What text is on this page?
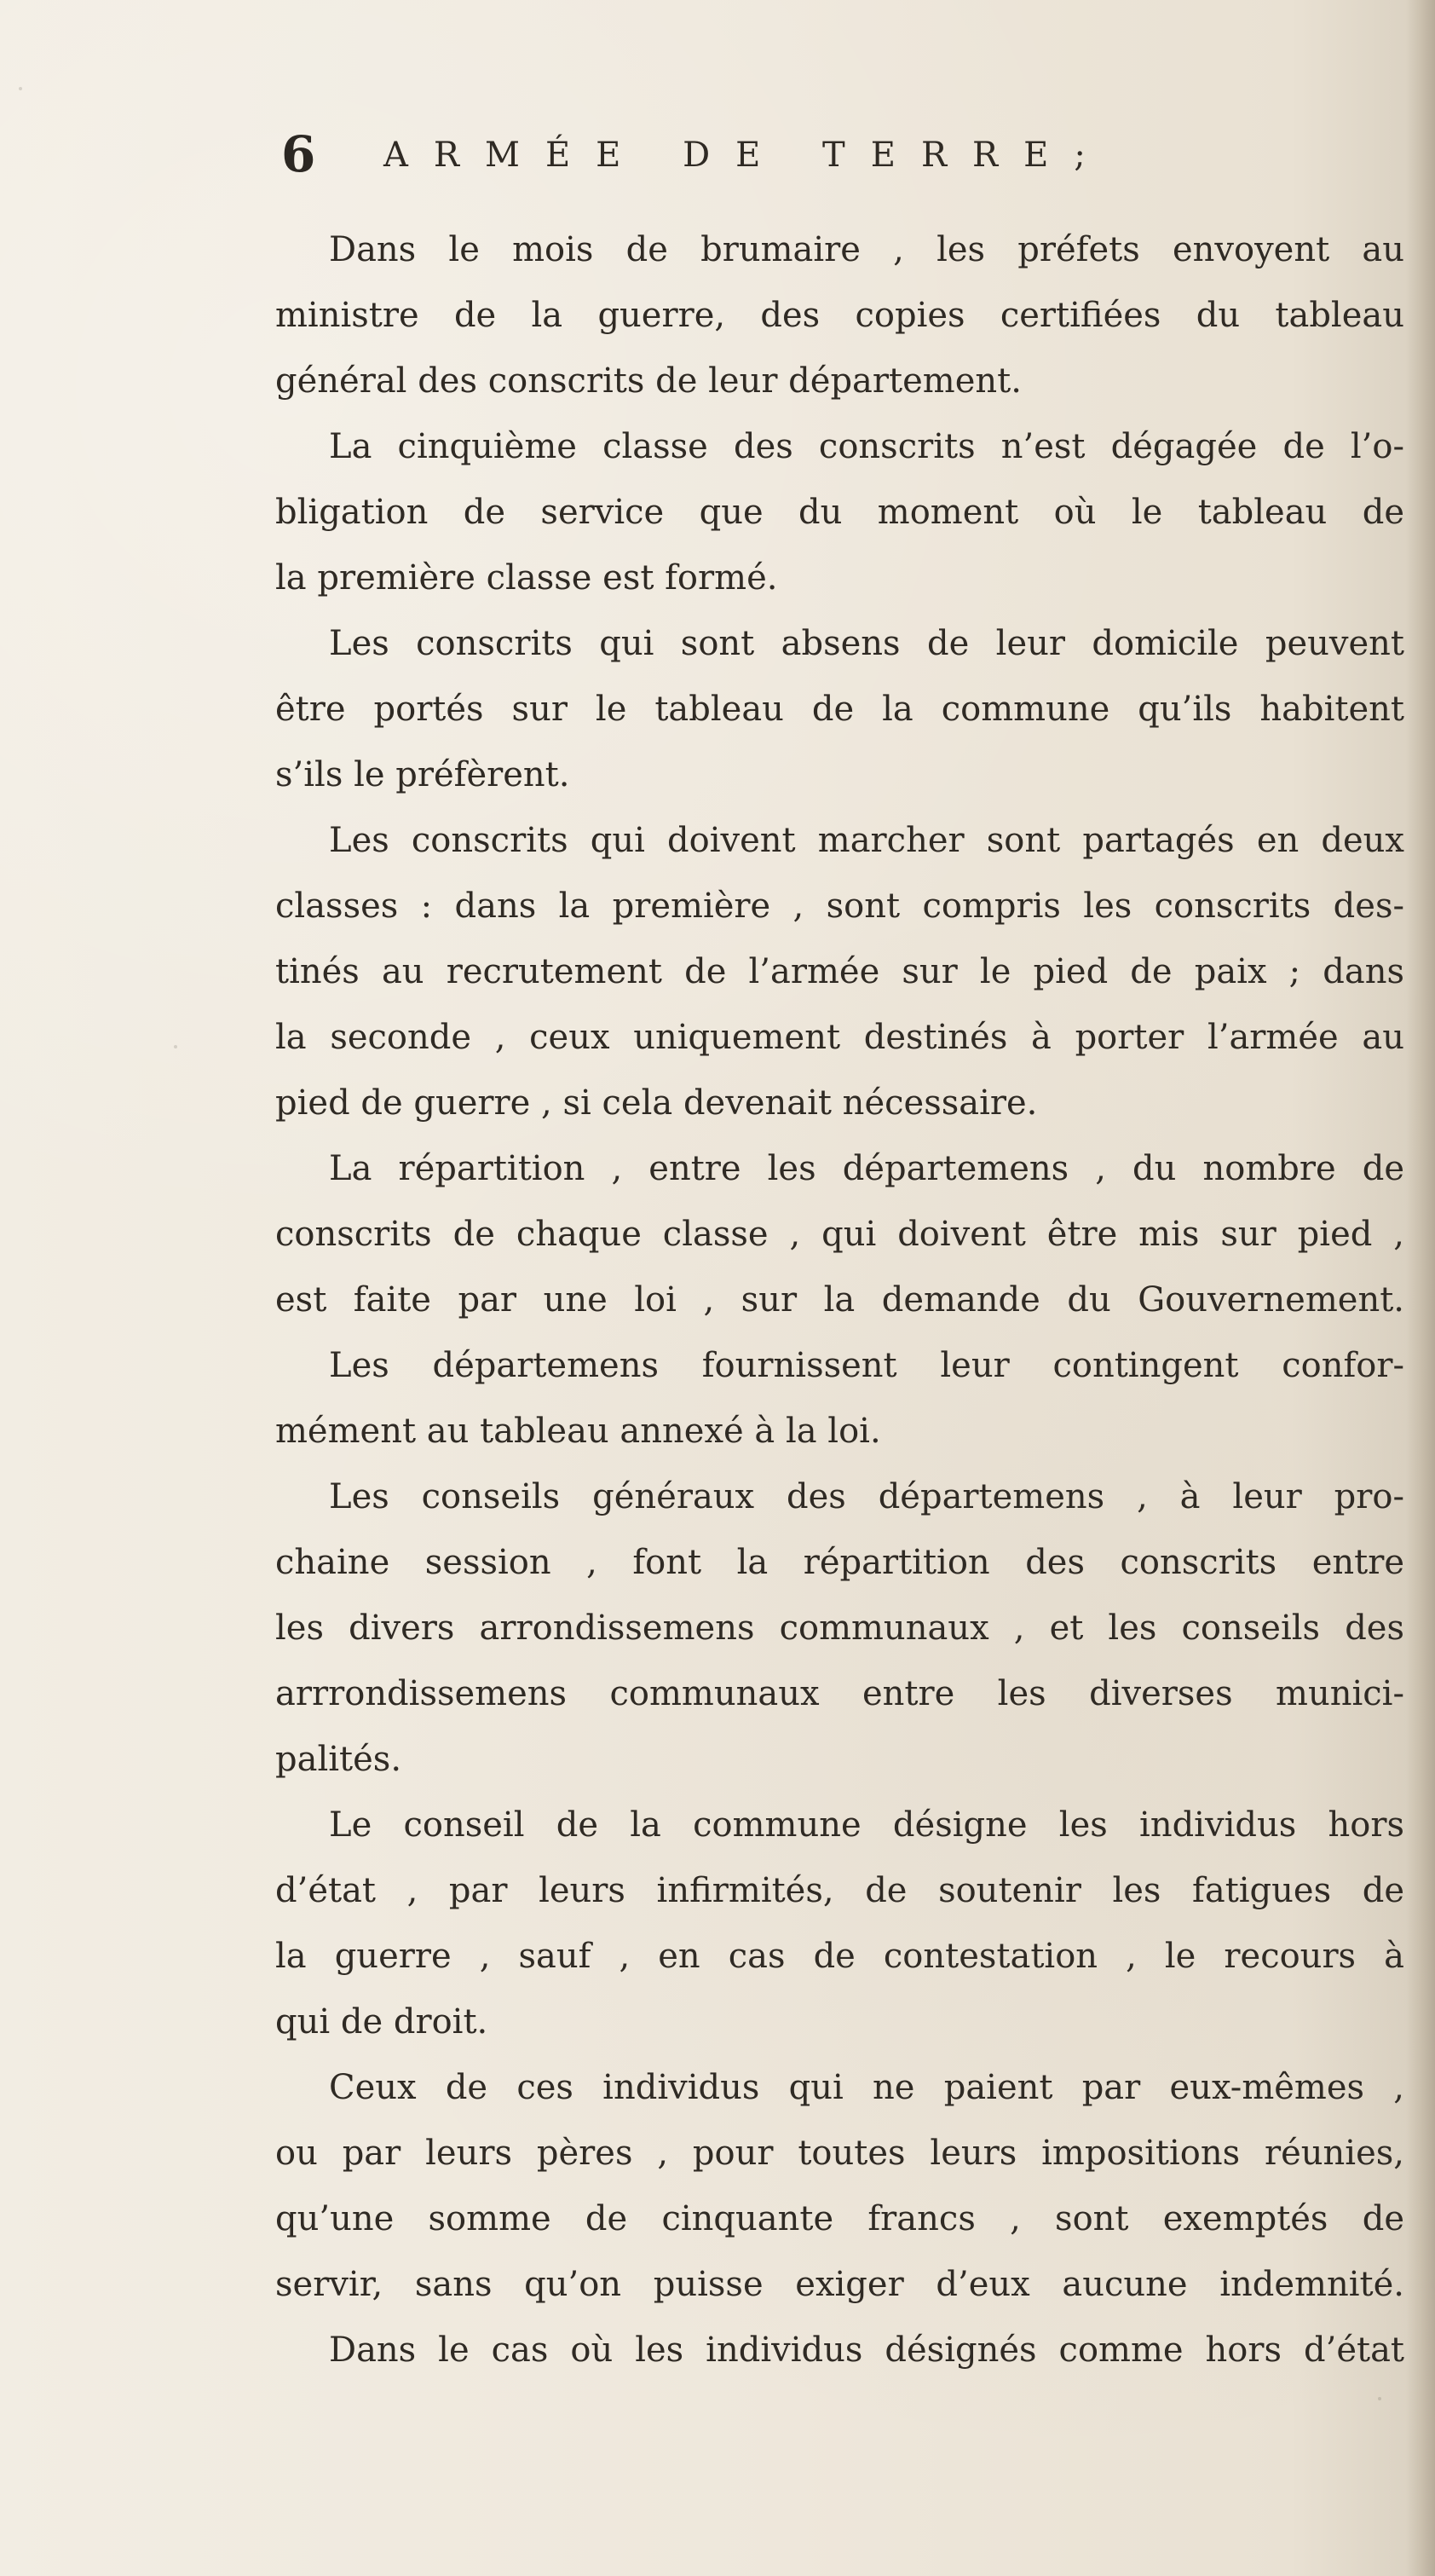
6 ARMÉE DE TERRE;
Dans le mois de brumaire , les préfets envoyent au
ministre de la guerre, des copies certifiées du tableau
général des conscrits de leur département.
La cinquième classe des conscrits n’est dégagée de l’o-
bligation de service que du moment où le tableau de
la première classe est formé.
Les conscrits qui sont absens de leur domicile peuvent
être portés sur le tableau de la commune qu’ils habitent
s’ils le préfèrent.
Les conscrits qui doivent marcher sont partagés en deux
classes : dans la première , sont compris les conscrits des-
tinés au recrutement de l’armée sur le pied de paix ; dans
la seconde , ceux uniquement destinés à porter l’armée au
pied de guerre , si cela devenait nécessaire.
La répartition , entre les départemens , du nombre de
conscrits de chaque classe , qui doivent être mis sur pied ,
est faite par une loi , sur la demande du Gouvernement.
Les départemens fournissent leur contingent confor-
mément au tableau annexé à la loi.
Les conseils généraux des départemens , à leur pro-
chaine session , font la répartition des conscrits entre
les divers arrondissemens communaux , et les conseils des
arrrondissemens communaux entre les diverses munici-
palités.
Le conseil de la commune désigne les individus hors
d’état , par leurs infirmités, de soutenir les fatigues de
la guerre , sauf , en cas de contestation , le recours à
qui de droit.
Ceux de ces individus qui ne paient par eux-mêmes ,
ou par leurs pères , pour toutes leurs impositions réunies,
qu’une somme de cinquante francs , sont exemptés de
servir, sans qu’on puisse exiger d’eux aucune indemnité.
Dans le cas où les individus désignés comme hors d’état
